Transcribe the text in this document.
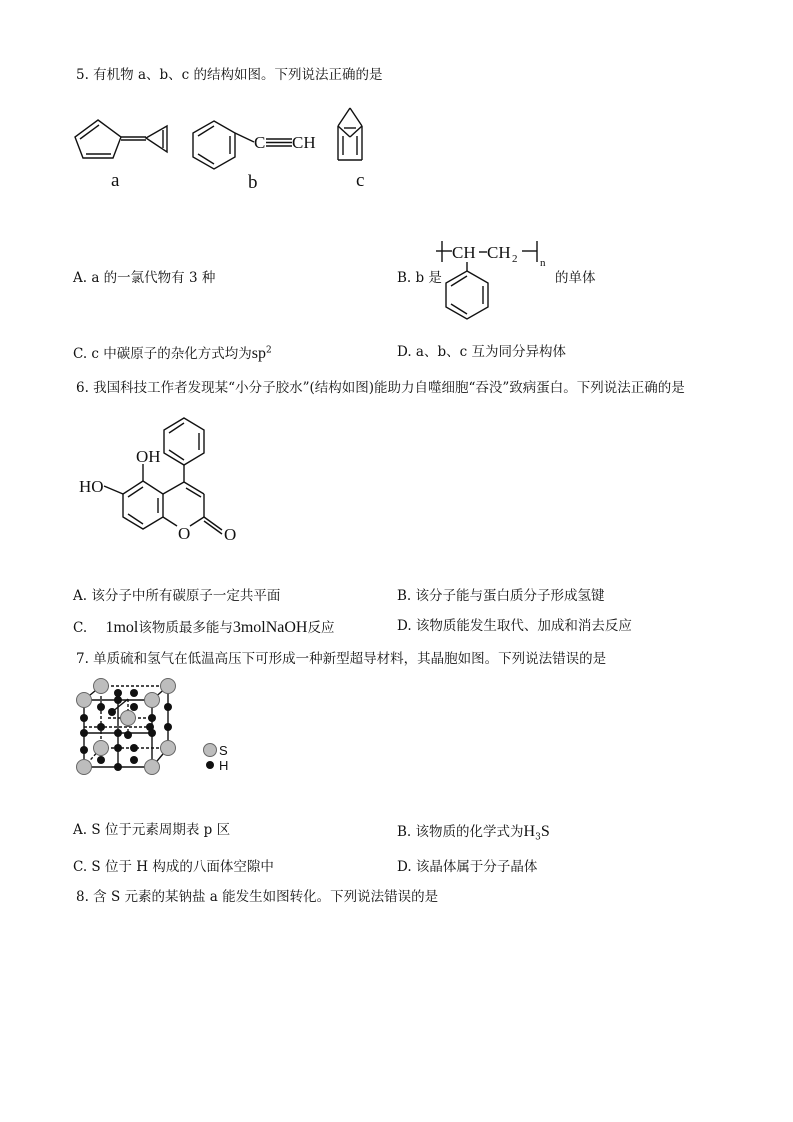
5. 有机物 a、b、c 的结构如图。下列说法正确的是
a
C CH
b	c
A. a 的一氯代物有 3 种	B. b 是
CH CH 2 n
的单体
C. c 中碳原子的杂化方式均为$sp^2$	D. a、b、c 互为同分异构体
6. 我国科技工作者发现某“小分子胶水”(结构如图)能助力自噬细胞“吞没”致病蛋白。下列说法正确的是
OH
HO
O O
A. 该分子中所有碳原子一定共平面	B. 该分子能与蛋白质分子形成氢键
C. 1mol该物质最多能与3molNaOH反应	D. 该物质能发生取代、加成和消去反应
7. 单质硫和氢气在低温高压下可形成一种新型超导材料，其晶胞如图。下列说法错误的是
S
H
A. S 位于元素周期表 p 区	B. 该物质的化学式为$H_3S$
C. S 位于 H 构成的八面体空隙中	D. 该晶体属于分子晶体
8. 含 S 元素的某钠盐 a 能发生如图转化。下列说法错误的是
